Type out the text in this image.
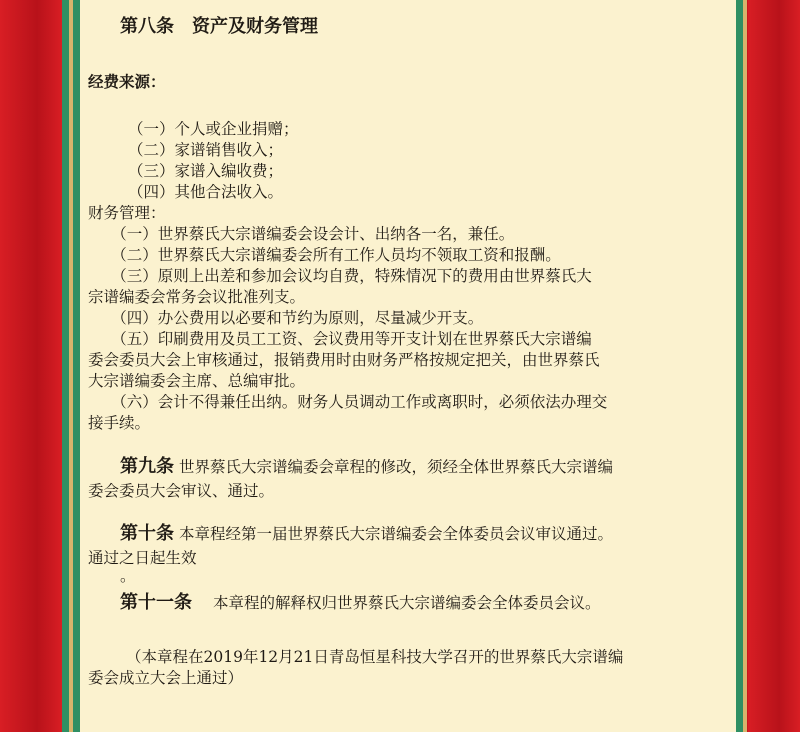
第八条　资产及财务管理
经费来源：
（一）个人或企业捐赠；
（二）家谱销售收入；
（三）家谱入编收费；
（四）其他合法收入。
财务管理：
　　（一）世界蔡氏大宗谱编委会设会计、出纳各一名，兼任。
　　（二）世界蔡氏大宗谱编委会所有工作人员均不领取工资和报酬。
　　（三）原则上出差和参加会议均自费，特殊情况下的费用由世界蔡氏大
宗谱编委会常务会议批准列支。
　　（四）办公费用以必要和节约为原则，尽量减少开支。
　　（五）印刷费用及员工工资、会议费用等开支计划在世界蔡氏大宗谱编
委会委员大会上审核通过，报销费用时由财务严格按规定把关，由世界蔡氏
大宗谱编委会主席、总编审批。
　　（六）会计不得兼任出纳。财务人员调动工作或离职时，必须依法办理交
接手续。
第九条 世界蔡氏大宗谱编委会章程的修改，须经全体世界蔡氏大宗谱编
委会委员大会审议、通过。
第十条 本章程经第一届世界蔡氏大宗谱编委会全体委员会议审议通过。
通过之日起生效
。
第十一条 本章程的解释权归世界蔡氏大宗谱编委会全体委员会议。
（本章程在2019年12月21日青岛恒星科技大学召开的世界蔡氏大宗谱编
委会成立大会上通过）
